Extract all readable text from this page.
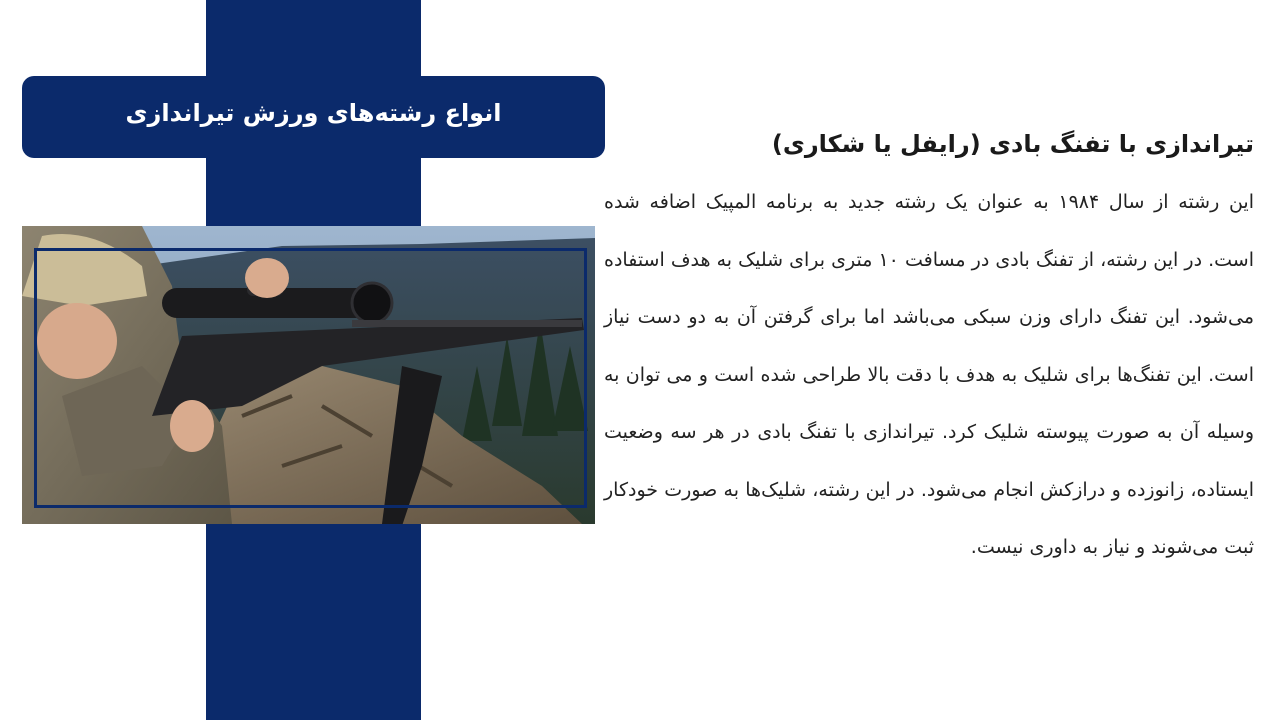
انواع رشته‌های ورزش تیراندازی
تیراندازی با تفنگ بادی (رایفل یا شکاری)

این رشته از سال ۱۹۸۴ به عنوان یک رشته جدید به برنامه المپیک اضافه شده است. در این رشته، از تفنگ بادی در مسافت ۱۰ متری برای شلیک به هدف استفاده می‌شود. این تفنگ دارای وزن سبکی می‌باشد اما برای گرفتن آن به دو دست نیاز است. این تفنگ‌ها برای شلیک به هدف با دقت بالا طراحی شده است و می توان به وسیله آن به صورت پیوسته شلیک کرد. تیراندازی با تفنگ بادی در هر سه وضعیت ایستاده، زانوزده و درازکش انجام می‌شود. در این رشته، شلیک‌ها به صورت خودکار ثبت می‌شوند و نیاز به داوری نیست.
